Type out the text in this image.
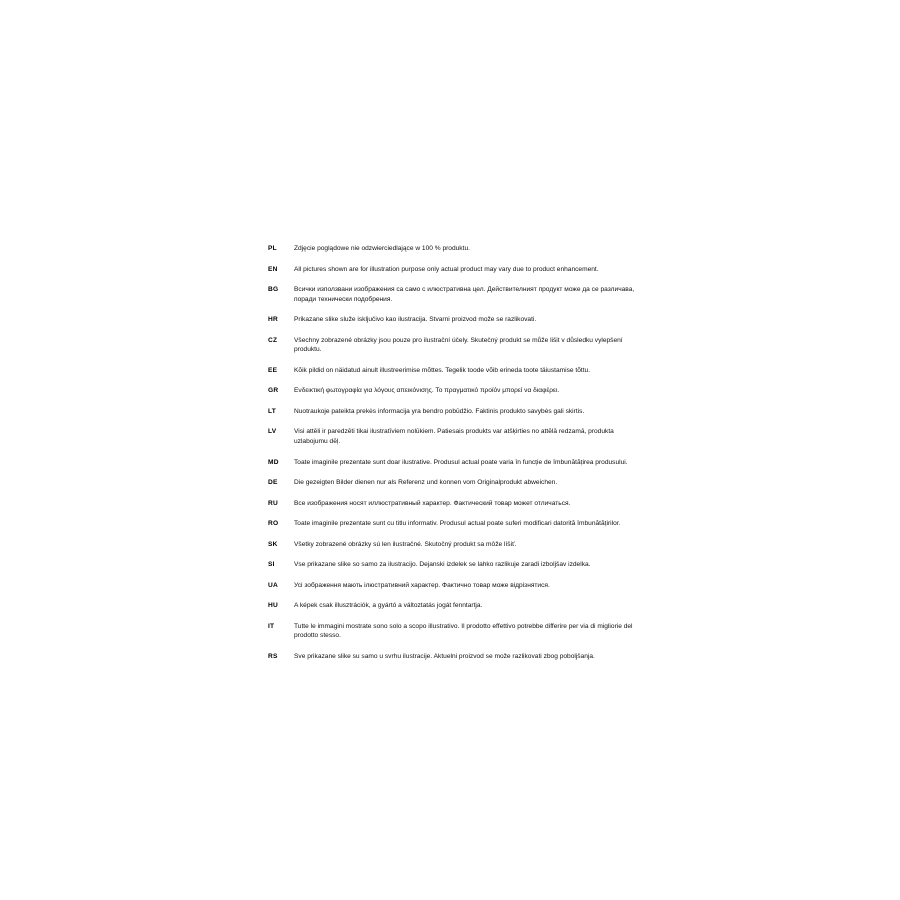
PL	Zdjęcie poglądowe nie odzwierciedlające w 100 % produktu.
EN	All pictures shown are for illustration purpose only actual product may vary due to product enhancement.
BG	Всички използвани изображения са само с илюстративна цел. Действителният продукт може да се различава, поради технически подобрения.
HR	Prikazane slike služe isključivo kao ilustracija. Stvarni proizvod može se razlikovati.
CZ	Všechny zobrazené obrázky jsou pouze pro ilustrační účely. Skutečný produkt se může lišit v důsledku vylepšení produktu.
EE	Kõik pildid on näidatud ainult illustreerimise mõttes. Tegelik toode võib erineda toote täiustamise tõttu.
GR	Ενδεικτική φωτογραφία για λόγους απεικόνισης. Το πραγματικό προϊόν μπορεί να διαφέρει.
LT	Nuotraukoje pateikta prekės informacija yra bendro pobūdžio. Faktinis produkto savybės gali skirtis.
LV	Visi attēli ir paredzēti tikai ilustratīviem nolūkiem. Patiesais produkts var atšķirties no attēlā redzamā, produkta uzlabojumu dēļ.
MD	Toate imaginile prezentate sunt doar ilustrative. Produsul actual poate varia în funcție de îmbunătățirea produsului.
DE	Die gezeigten Bilder dienen nur als Referenz und konnen vom Originalprodukt abweichen.
RU	Все изображения носят иллюстративный характер. Фактический товар может отличаться.
RO	Toate imaginile prezentate sunt cu titlu informativ. Produsul actual poate suferi modificari datorită îmbunătățirilor.
SK	Všetky zobrazené obrázky sú len ilustračné. Skutočný produkt sa môže líšiť.
SI	Vse prikazane slike so samo za ilustracijo. Dejanski izdelek se lahko razlikuje zaradi izboljšav izdelka.
UA	Усі зображення мають ілюстративний характер. Фактично товар може відрізнятися.
HU	A képek csak illusztrációk, a gyártó a változtatás jogát fenntartja.
IT	Tutte le immagini mostrate sono solo a scopo illustrativo. Il prodotto effettivo potrebbe differire per via di migliorie del prodotto stesso.
RS	Sve prikazane slike su samo u svrhu ilustracije. Aktuelni proizvod se može razlikovati zbog poboljšanja.
